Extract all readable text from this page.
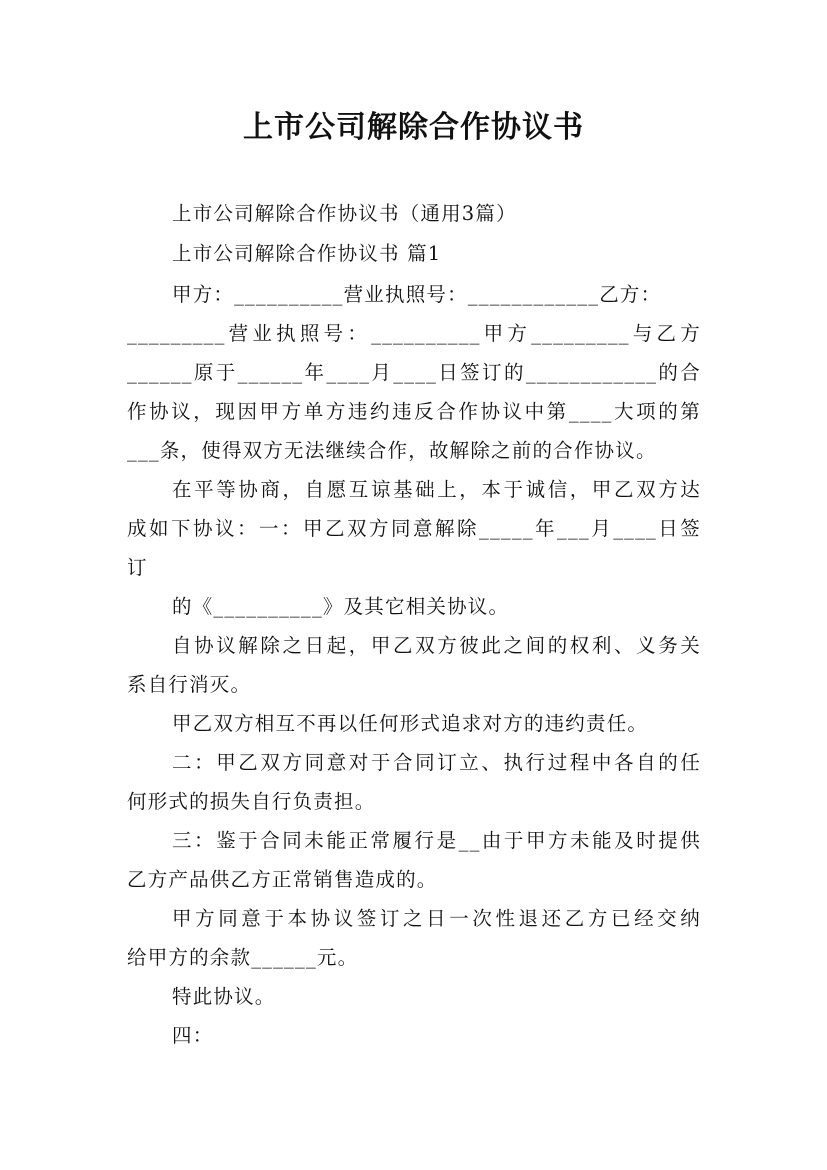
上市公司解除合作协议书
上市公司解除合作协议书（通用3篇）
上市公司解除合作协议书 篇1
甲方：__________营业执照号：____________乙方：
_________营业执照号：__________甲方_________与乙方
______原于______年____月____日签订的____________的合
作协议，现因甲方单方违约违反合作协议中第____大项的第
___条，使得双方无法继续合作，故解除之前的合作协议。
在平等协商，自愿互谅基础上，本于诚信，甲乙双方达
成如下协议：一：甲乙双方同意解除_____年___月____日签
订
的《__________》及其它相关协议。
自协议解除之日起，甲乙双方彼此之间的权利、义务关
系自行消灭。
甲乙双方相互不再以任何形式追求对方的违约责任。
二：甲乙双方同意对于合同订立、执行过程中各自的任
何形式的损失自行负责担。
三：鉴于合同未能正常履行是__由于甲方未能及时提供
乙方产品供乙方正常销售造成的。
甲方同意于本协议签订之日一次性退还乙方已经交纳
给甲方的余款______元。
特此协议。
四：
